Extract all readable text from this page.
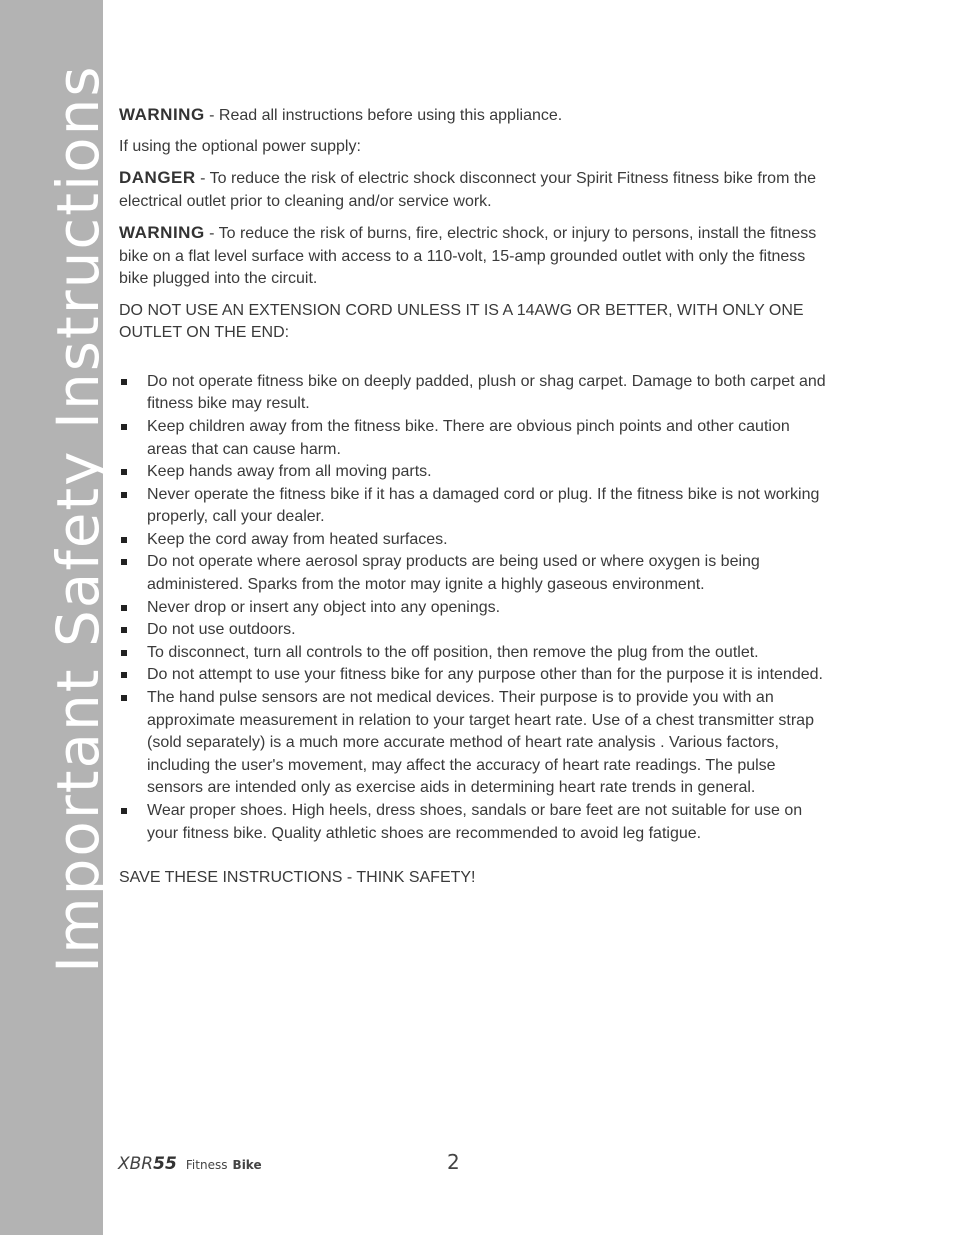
Important Safety Instructions WARNING - Read all instructions before using this appliance.

If using the optional power supply:

DANGER - To reduce the risk of electric shock disconnect your Spirit Fitness fitness bike from the electrical outlet prior to cleaning and/or service work.

WARNING - To reduce the risk of burns, fire, electric shock, or injury to persons, install the fitness bike on a flat level surface with access to a 110-volt, 15-amp grounded outlet with only the fitness bike plugged into the circuit.

DO NOT USE AN EXTENSION CORD UNLESS IT IS A 14AWG OR BETTER, WITH ONLY ONE OUTLET ON THE END:

Do not operate fitness bike on deeply padded, plush or shag carpet. Damage to both carpet and fitness bike may result.
Keep children away from the fitness bike. There are obvious pinch points and other caution areas that can cause harm.
Keep hands away from all moving parts.
Never operate the fitness bike if it has a damaged cord or plug. If the fitness bike is not working properly, call your dealer.
Keep the cord away from heated surfaces.
Do not operate where aerosol spray products are being used or where oxygen is being administered. Sparks from the motor may ignite a highly gaseous environment.
Never drop or insert any object into any openings.
Do not use outdoors.
To disconnect, turn all controls to the off position, then remove the plug from the outlet.
Do not attempt to use your fitness bike for any purpose other than for the purpose it is intended.
The hand pulse sensors are not medical devices. Their purpose is to provide you with an approximate measurement in relation to your target heart rate. Use of a chest transmitter strap (sold separately) is a much more accurate method of heart rate analysis . Various factors, including the user's movement, may affect the accuracy of heart rate readings. The pulse sensors are intended only as exercise aids in determining heart rate trends in general.
Wear proper shoes. High heels, dress shoes, sandals or bare feet are not suitable for use on your fitness bike. Quality athletic shoes are recommended to avoid leg fatigue.

SAVE THESE INSTRUCTIONS - THINK SAFETY!

XBR55 Fitness Bike	2
